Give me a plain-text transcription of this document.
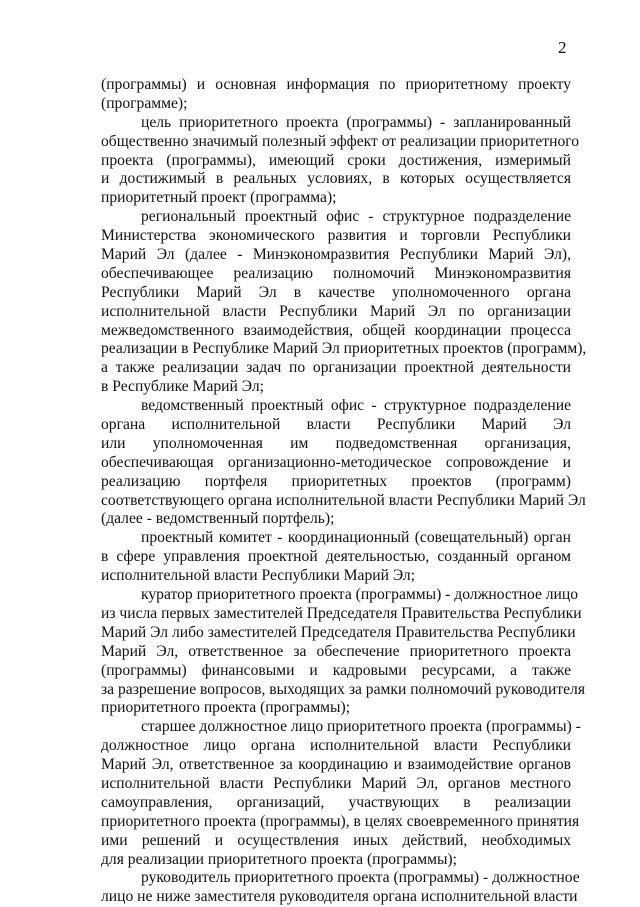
2
(программы) и основная информация по приоритетному проекту
(программе);
цель приоритетного проекта (программы) - запланированный
общественно значимый полезный эффект от реализации приоритетного
проекта (программы), имеющий сроки достижения, измеримый
и достижимый в реальных условиях, в которых осуществляется
приоритетный проект (программа);
региональный проектный офис - структурное подразделение
Министерства экономического развития и торговли Республики
Марий Эл (далее - Минэкономразвития Республики Марий Эл),
обеспечивающее реализацию полномочий Минэкономразвития
Республики Марий Эл в качестве уполномоченного органа
исполнительной власти Республики Марий Эл по организации
межведомственного взаимодействия, общей координации процесса
реализации в Республике Марий Эл приоритетных проектов (программ),
а также реализации задач по организации проектной деятельности
в Республике Марий Эл;
ведомственный проектный офис - структурное подразделение
органа исполнительной власти Республики Марий Эл
или уполномоченная им подведомственная организация,
обеспечивающая организационно-методическое сопровождение и
реализацию портфеля приоритетных проектов (программ)
соответствующего органа исполнительной власти Республики Марий Эл
(далее - ведомственный портфель);
проектный комитет - координационный (совещательный) орган
в сфере управления проектной деятельностью, созданный органом
исполнительной власти Республики Марий Эл;
куратор приоритетного проекта (программы) - должностное лицо
из числа первых заместителей Председателя Правительства Республики
Марий Эл либо заместителей Председателя Правительства Республики
Марий Эл, ответственное за обеспечение приоритетного проекта
(программы) финансовыми и кадровыми ресурсами, а также
за разрешение вопросов, выходящих за рамки полномочий руководителя
приоритетного проекта (программы);
старшее должностное лицо приоритетного проекта (программы) -
должностное лицо органа исполнительной власти Республики
Марий Эл, ответственное за координацию и взаимодействие органов
исполнительной власти Республики Марий Эл, органов местного
самоуправления, организаций, участвующих в реализации
приоритетного проекта (программы), в целях своевременного принятия
ими решений и осуществления иных действий, необходимых
для реализации приоритетного проекта (программы);
руководитель приоритетного проекта (программы) - должностное
лицо не ниже заместителя руководителя органа исполнительной власти
